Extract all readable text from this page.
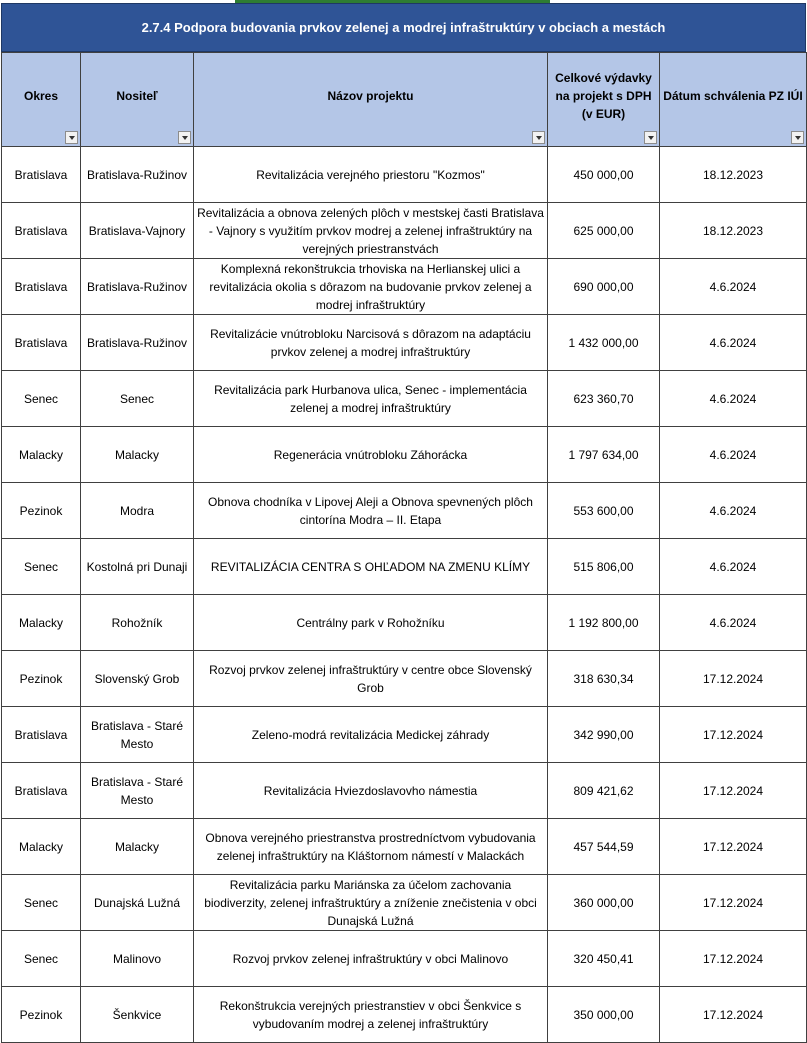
2.7.4 Podpora budovania prvkov zelenej a modrej infraštruktúry v obciach a mestách
Okres	Nositeľ	Názov projektu	Celkové výdavky na projekt s DPH (v EUR)	Dátum schválenia PZ IÚI

Bratislava	Bratislava-Ružinov	Revitalizácia verejného priestoru "Kozmos"	450 000,00	18.12.2023
Bratislava	Bratislava-Vajnory	Revitalizácia a obnova zelených plôch v mestskej časti Bratislava - Vajnory s využitím prvkov modrej a zelenej infraštruktúry na verejných priestranstvách	625 000,00	18.12.2023
Bratislava	Bratislava-Ružinov	Komplexná rekonštrukcia trhoviska na Herlianskej ulici a revitalizácia okolia s dôrazom na budovanie prvkov zelenej a modrej infraštruktúry	690 000,00	4.6.2024
Bratislava	Bratislava-Ružinov	Revitalizácie vnútrobloku Narcisová s dôrazom na adaptáciu prvkov zelenej a modrej infraštruktúry	1 432 000,00	4.6.2024
Senec	Senec	Revitalizácia park Hurbanova ulica, Senec - implementácia zelenej a modrej infraštruktúry	623 360,70	4.6.2024
Malacky	Malacky	Regenerácia vnútrobloku Záhorácka	1 797 634,00	4.6.2024
Pezinok	Modra	Obnova chodníka v Lipovej Aleji a Obnova spevnených plôch cintorína Modra – II. Etapa	553 600,00	4.6.2024
Senec	Kostolná pri Dunaji	REVITALIZÁCIA CENTRA S OHĽADOM NA ZMENU KLÍMY	515 806,00	4.6.2024
Malacky	Rohožník	Centrálny park v Rohožníku	1 192 800,00	4.6.2024
Pezinok	Slovenský Grob	Rozvoj prvkov zelenej infraštruktúry v centre obce Slovenský Grob	318 630,34	17.12.2024
Bratislava	Bratislava - Staré Mesto	Zeleno-modrá revitalizácia Medickej záhrady	342 990,00	17.12.2024
Bratislava	Bratislava - Staré Mesto	Revitalizácia Hviezdoslavovho námestia	809 421,62	17.12.2024
Malacky	Malacky	Obnova verejného priestranstva prostredníctvom vybudovania zelenej infraštruktúry na Kláštornom námestí v Malackách	457 544,59	17.12.2024
Senec	Dunajská Lužná	Revitalizácia parku Mariánska za účelom zachovania biodiverzity, zelenej infraštruktúry a zníženie znečistenia v obci Dunajská Lužná	360 000,00	17.12.2024
Senec	Malinovo	Rozvoj prvkov zelenej infraštruktúry v obci Malinovo	320 450,41	17.12.2024
Pezinok	Šenkvice	Rekonštrukcia verejných priestranstiev v obci Šenkvice s vybudovaním modrej a zelenej infraštruktúry	350 000,00	17.12.2024
